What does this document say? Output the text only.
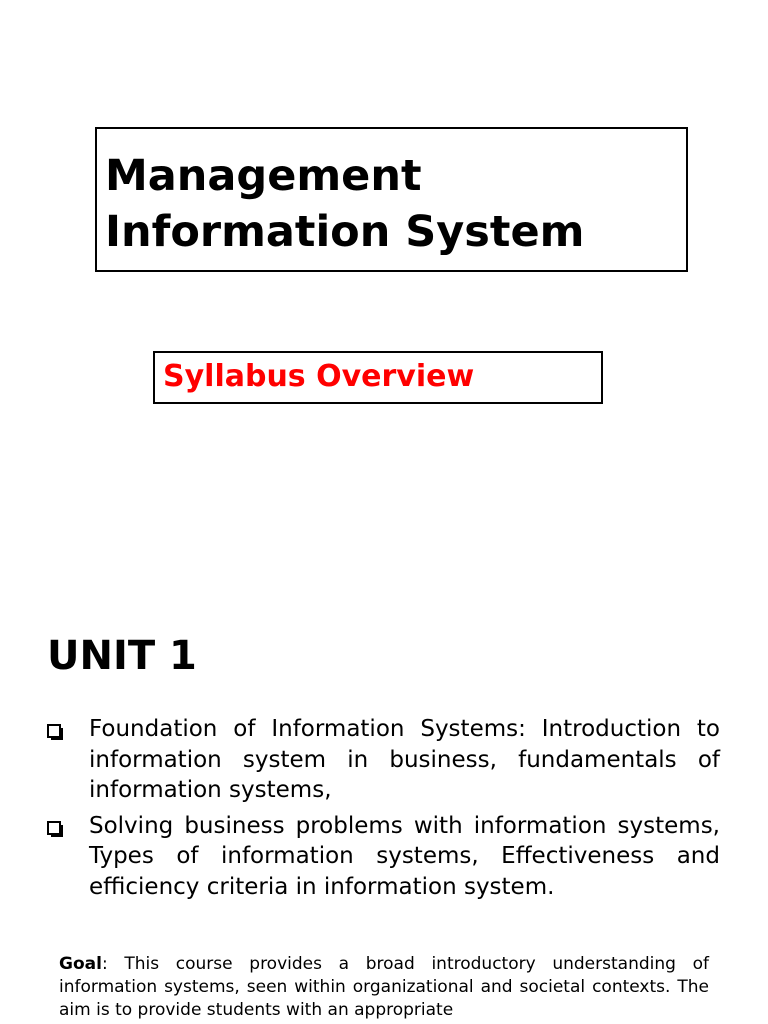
Management
Information System
Syllabus Overview
UNIT 1
Foundation of Information Systems: Introduction to information system in business, fundamentals of information systems,
Solving business problems with information systems, Types of information systems, Effectiveness and efficiency criteria in information system.
Goal: This course provides a broad introductory understanding of information systems, seen within organizational and societal contexts. The aim is to provide students with an appropriate
